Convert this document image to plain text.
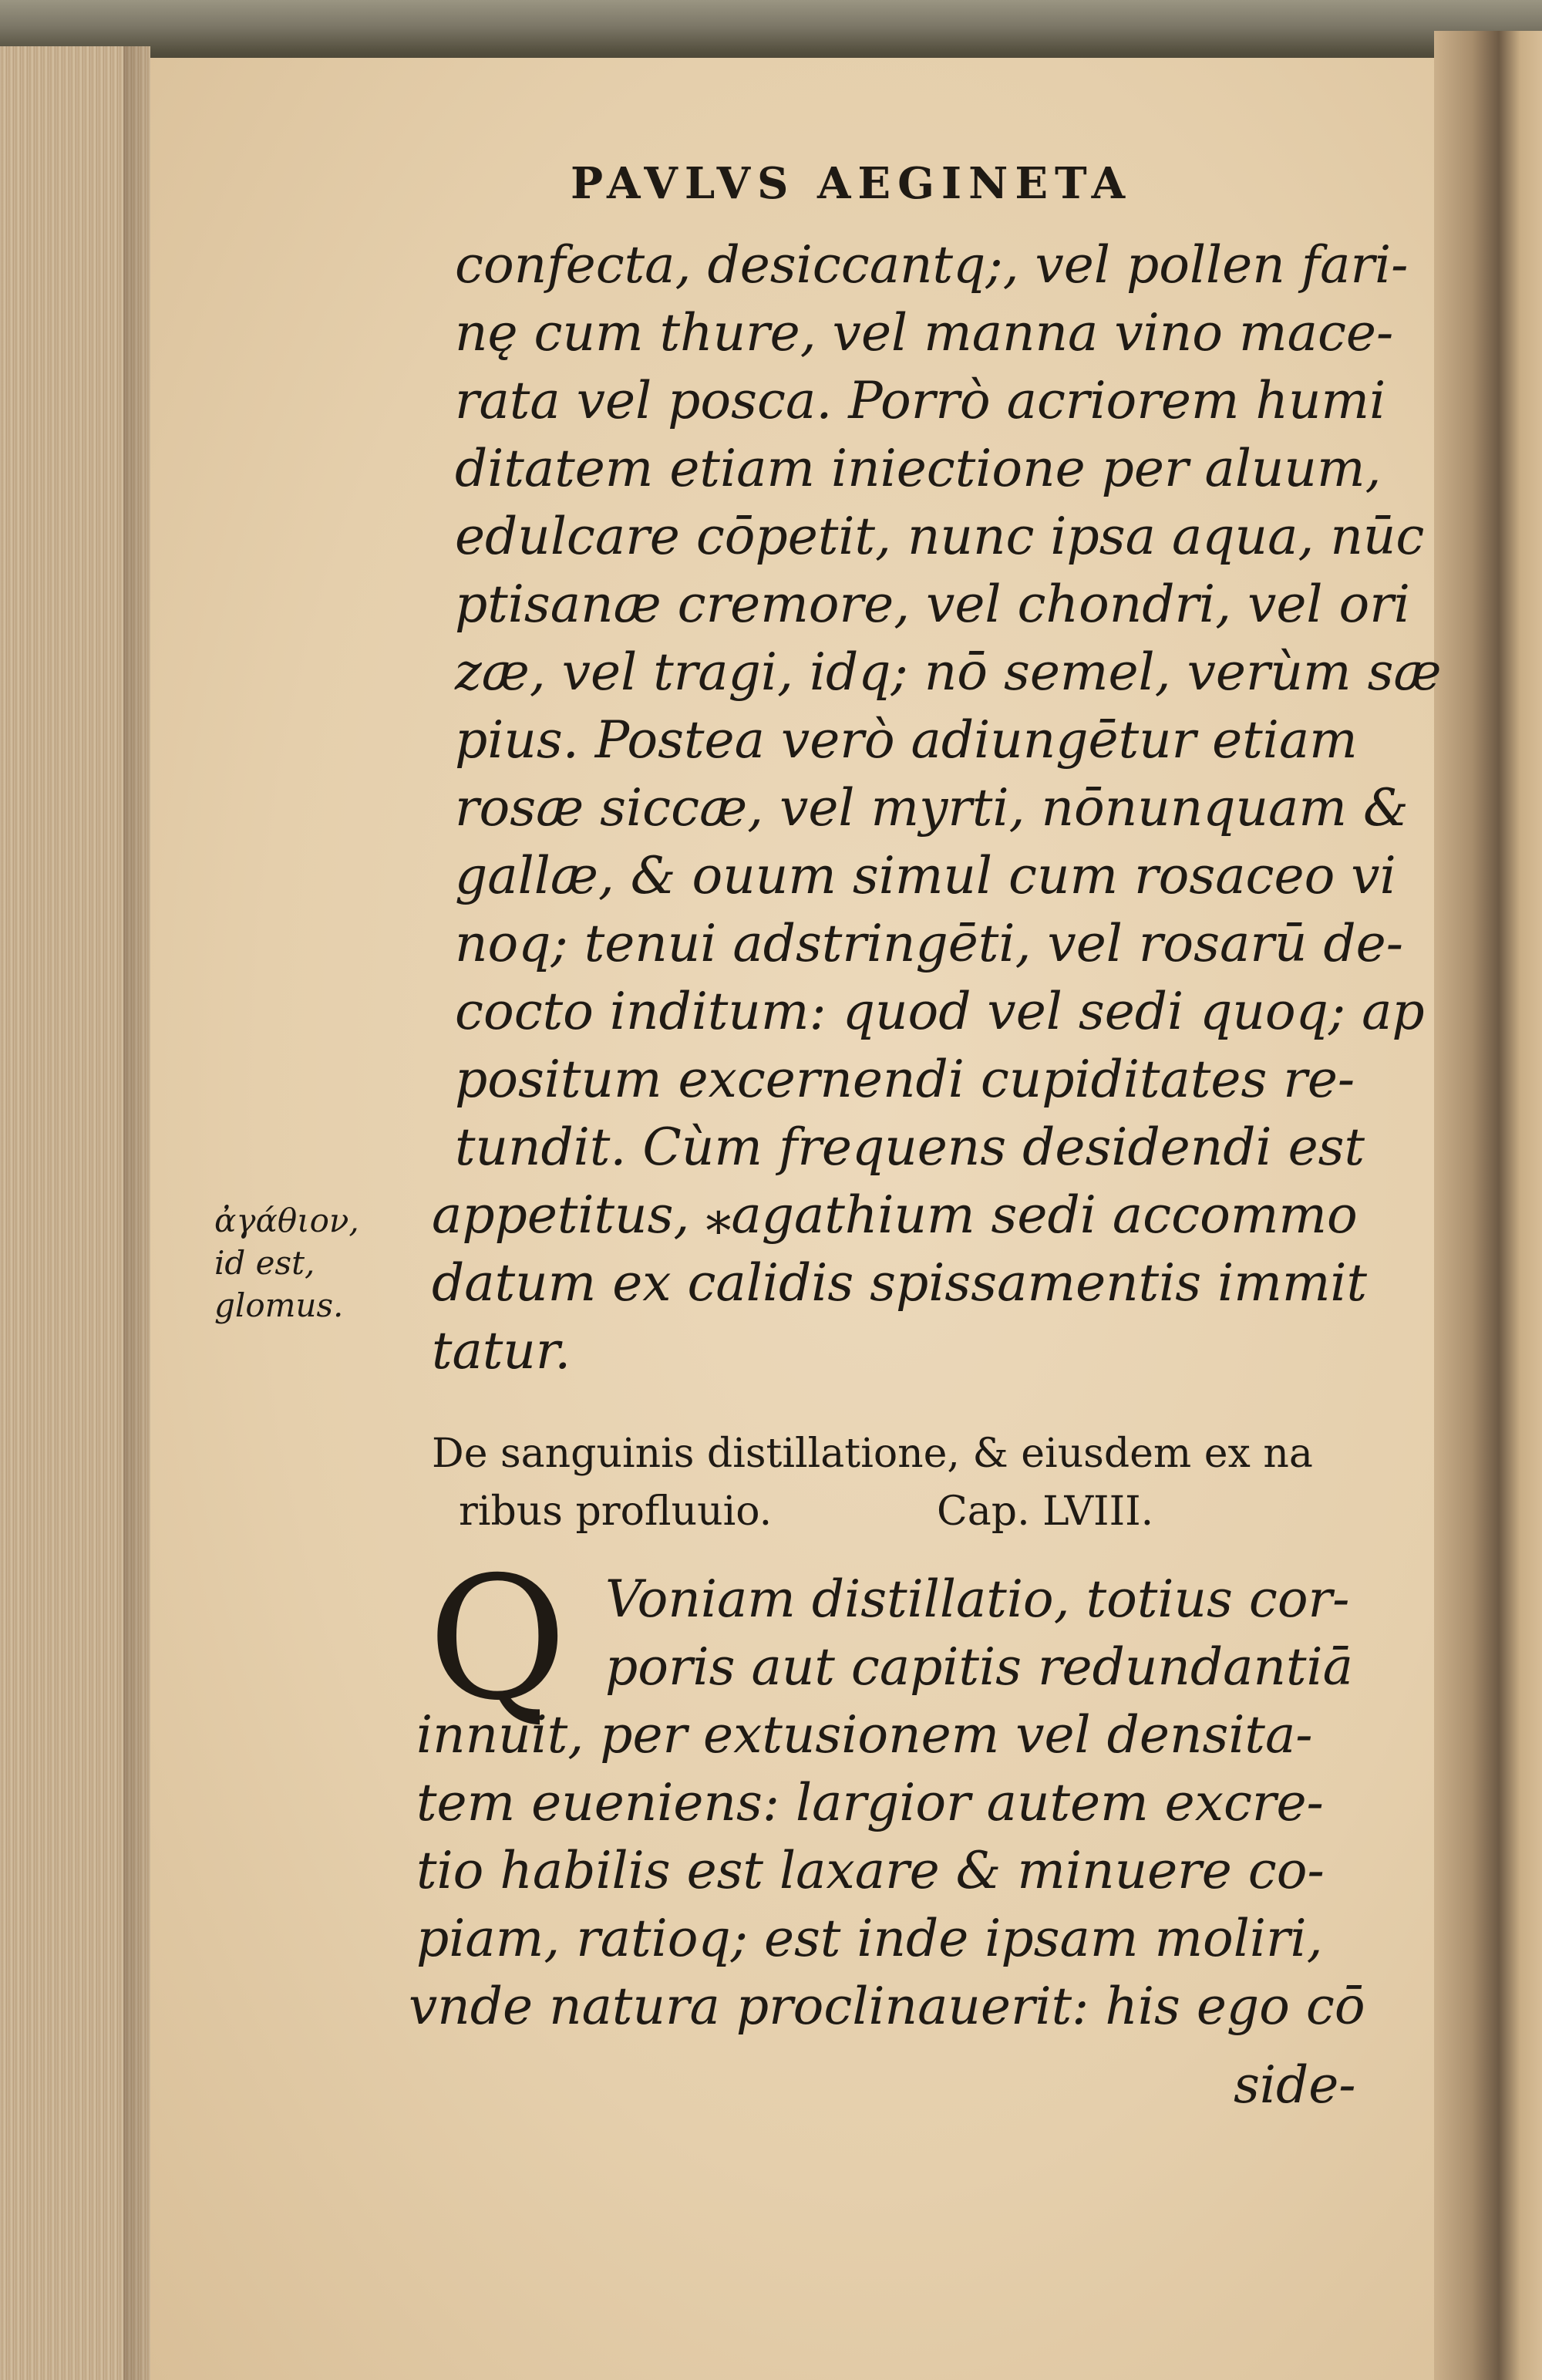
PAVLVS AEGINETA
confecta, desiccantq;, vel pollen fari-
nę cum thure, vel manna vino mace-
rata vel posca. Porrò acriorem humi
ditatem etiam iniectione per aluum,
edulcare cōpetit, nunc ipsa aqua, nūc
ptisanæ cremore, vel chondri, vel ori
zæ, vel tragi, idq; nō semel, verùm sæ
pius. Postea verò adiungētur etiam
rosæ siccæ, vel myrti, nōnunquam &
gallæ, & ouum simul cum rosaceo vi
noq; tenui adstringēti, vel rosarū de-
cocto inditum: quod vel sedi quoq; ap
positum excernendi cupiditates re-
tundit. Cùm frequens desidendi est
appetitus, ⁎agathium sedi accommo
datum ex calidis spissamentis immit
tatur.
ἀγάθιον,
id est,
glomus.
De sanguinis distillatione, & eiusdem ex na
ribus profluuio.	Cap. LVIII.
Q Voniam distillatio, totius cor-
poris aut capitis redundantiā
innuit, per extusionem vel densita-
tem eueniens: largior autem excre-
tio habilis est laxare & minuere co-
piam, ratioq; est inde ipsam moliri,
vnde natura proclinauerit: his ego cō
side-
